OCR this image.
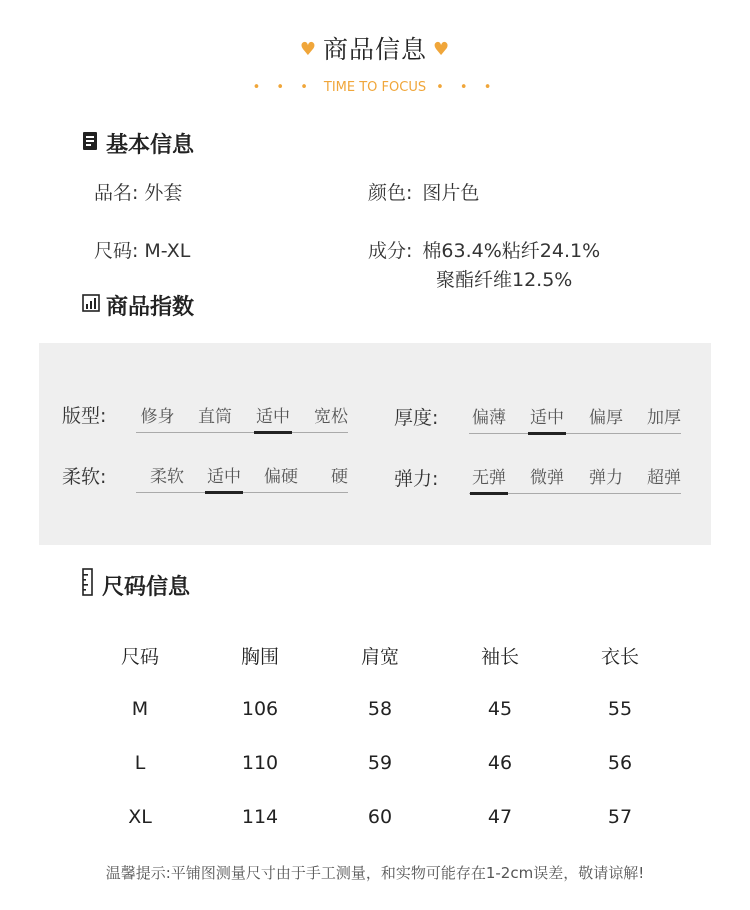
♥ 商品信息 ♥
• • • TIME TO FOCUS • • •
基本信息
品名: 外套	颜色: 图片色
尺码: M-XL	成分: 棉63.4%粘纤24.1%
聚酯纤维12.5%
商品指数
版型: 修身	直筒	适中	宽松 厚度: 偏薄	适中	偏厚	加厚
柔软:	柔软	适中	偏硬	硬 弹力: 无弹	微弹	弹力	超弹
尺码信息
尺码	胸围	肩宽	袖长	衣长
M	106	58	45	55
L	110	59	46	56
XL	114	60	47	57
温馨提示:平铺图测量尺寸由于手工测量，和实物可能存在1-2cm误差，敬请谅解!
